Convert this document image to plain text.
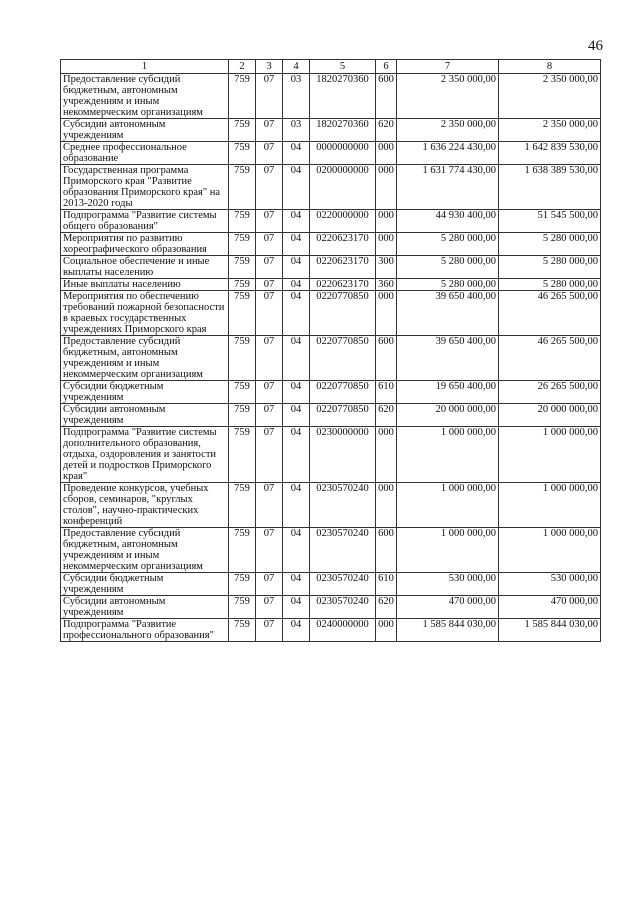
46
1	2	3	4	5	6	7	8
Предоставление субсидий бюджетным, автономным учреждениям и иным некоммерческим организациям	759	07	03	1820270360	600	2 350 000,00	2 350 000,00

Субсидии автономным учреждениям	759	07	03	1820270360	620	2 350 000,00	2 350 000,00

Среднее профессиональное образование	759	07	04	0000000000	000	1 636 224 430,00	1 642 839 530,00

Государственная программа Приморского края "Развитие образования Приморского края" на 2013-2020 годы	759	07	04	0200000000	000	1 631 774 430,00	1 638 389 530,00

Подпрограмма "Развитие системы общего образования"	759	07	04	0220000000	000	44 930 400,00	51 545 500,00

Мероприятия по развитию хореографического образования	759	07	04	0220623170	000	5 280 000,00	5 280 000,00

Социальное обеспечение и иные выплаты населению	759	07	04	0220623170	300	5 280 000,00	5 280 000,00

Иные выплаты населению	759	07	04	0220623170	360	5 280 000,00	5 280 000,00

Мероприятия по обеспечению требований пожарной безопасности в краевых государственных учреждениях Приморского края	759	07	04	0220770850	000	39 650 400,00	46 265 500,00

Предоставление субсидий бюджетным, автономным учреждениям и иным некоммерческим организациям	759	07	04	0220770850	600	39 650 400,00	46 265 500,00

Субсидии бюджетным учреждениям	759	07	04	0220770850	610	19 650 400,00	26 265 500,00

Субсидии автономным учреждениям	759	07	04	0220770850	620	20 000 000,00	20 000 000,00

Подпрограмма "Развитие системы дополнительного образования, отдыха, оздоровления и занятости детей и подростков Приморского края"	759	07	04	0230000000	000	1 000 000,00	1 000 000,00

Проведение конкурсов, учебных сборов, семинаров, "круглых столов", научно-практических конференций	759	07	04	0230570240	000	1 000 000,00	1 000 000,00

Предоставление субсидий бюджетным, автономным учреждениям и иным некоммерческим организациям	759	07	04	0230570240	600	1 000 000,00	1 000 000,00

Субсидии бюджетным учреждениям	759	07	04	0230570240	610	530 000,00	530 000,00

Субсидии автономным учреждениям	759	07	04	0230570240	620	470 000,00	470 000,00

Подпрограмма "Развитие профессионального образования"	759	07	04	0240000000	000	1 585 844 030,00	1 585 844 030,00
